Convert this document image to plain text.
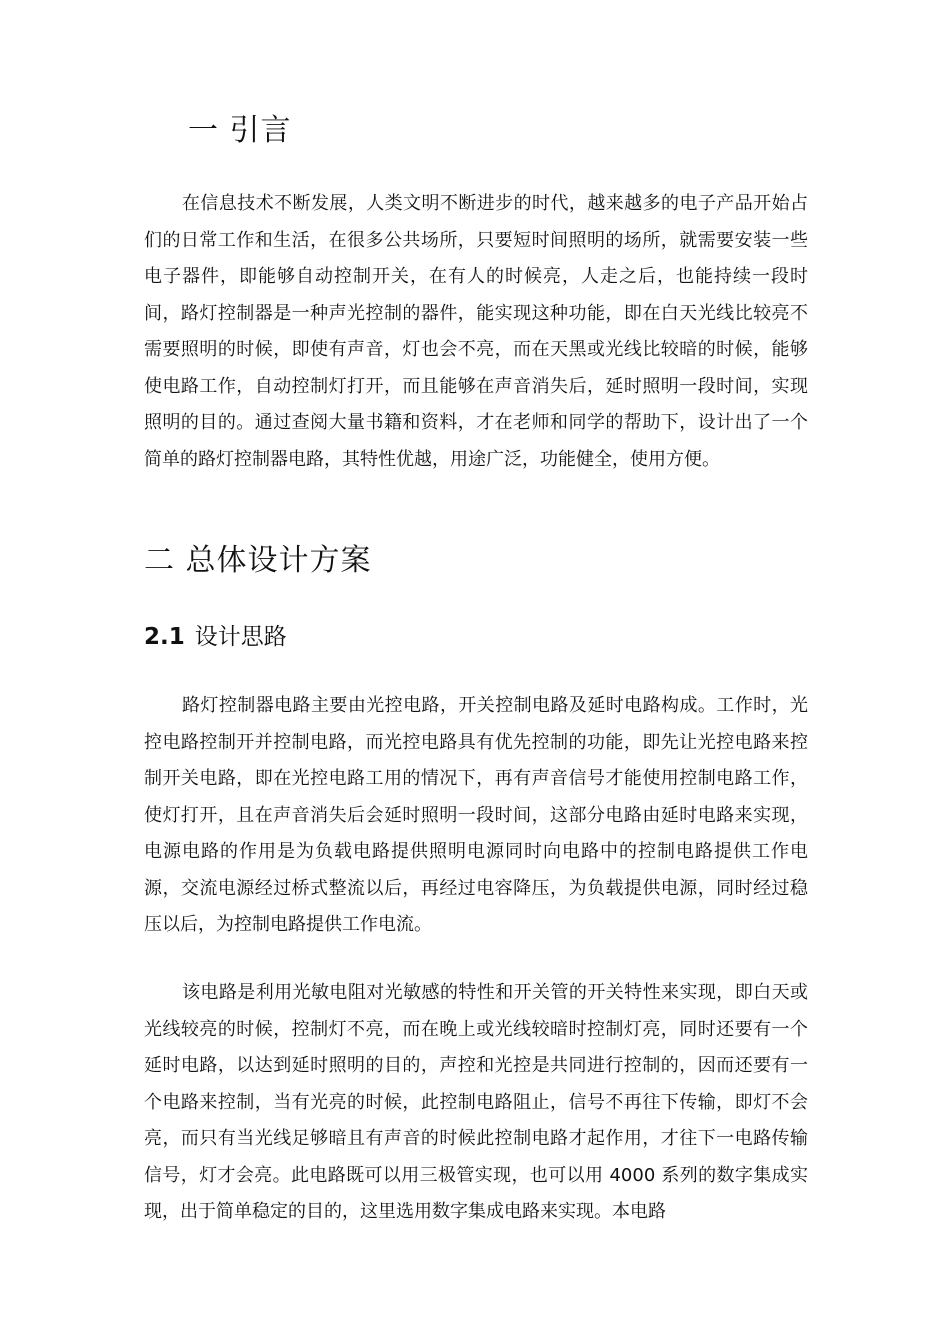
一 引言

在信息技术不断发展，人类文明不断进步的时代，越来越多的电子产品开始占们的日常工作和生活，在很多公共场所，只要短时间照明的场所，就需要安装一些电子器件，即能够自动控制开关，在有人的时候亮，人走之后，也能持续一段时间，路灯控制器是一种声光控制的器件，能实现这种功能，即在白天光线比较亮不需要照明的时候，即使有声音，灯也会不亮，而在天黑或光线比较暗的时候，能够使电路工作，自动控制灯打开，而且能够在声音消失后，延时照明一段时间，实现照明的目的。通过查阅大量书籍和资料，才在老师和同学的帮助下，设计出了一个简单的路灯控制器电路，其特性优越，用途广泛，功能健全，使用方便。

二 总体设计方案
2.1 设计思路

路灯控制器电路主要由光控电路，开关控制电路及延时电路构成。工作时，光控电路控制开并控制电路，而光控电路具有优先控制的功能，即先让光控电路来控制开关电路，即在光控电路工用的情况下，再有声音信号才能使用控制电路工作，使灯打开，且在声音消失后会延时照明一段时间，这部分电路由延时电路来实现，电源电路的作用是为负载电路提供照明电源同时向电路中的控制电路提供工作电源，交流电源经过桥式整流以后，再经过电容降压，为负载提供电源，同时经过稳压以后，为控制电路提供工作电流。

该电路是利用光敏电阻对光敏感的特性和开关管的开关特性来实现，即白天或光线较亮的时候，控制灯不亮，而在晚上或光线较暗时控制灯亮，同时还要有一个延时电路，以达到延时照明的目的，声控和光控是共同进行控制的，因而还要有一个电路来控制，当有光亮的时候，此控制电路阻止，信号不再往下传输，即灯不会亮，而只有当光线足够暗且有声音的时候此控制电路才起作用，才往下一电路传输信号，灯才会亮。此电路既可以用三极管实现，也可以用 4000 系列的数字集成实现，出于简单稳定的目的，这里选用数字集成电路来实现。本电路
